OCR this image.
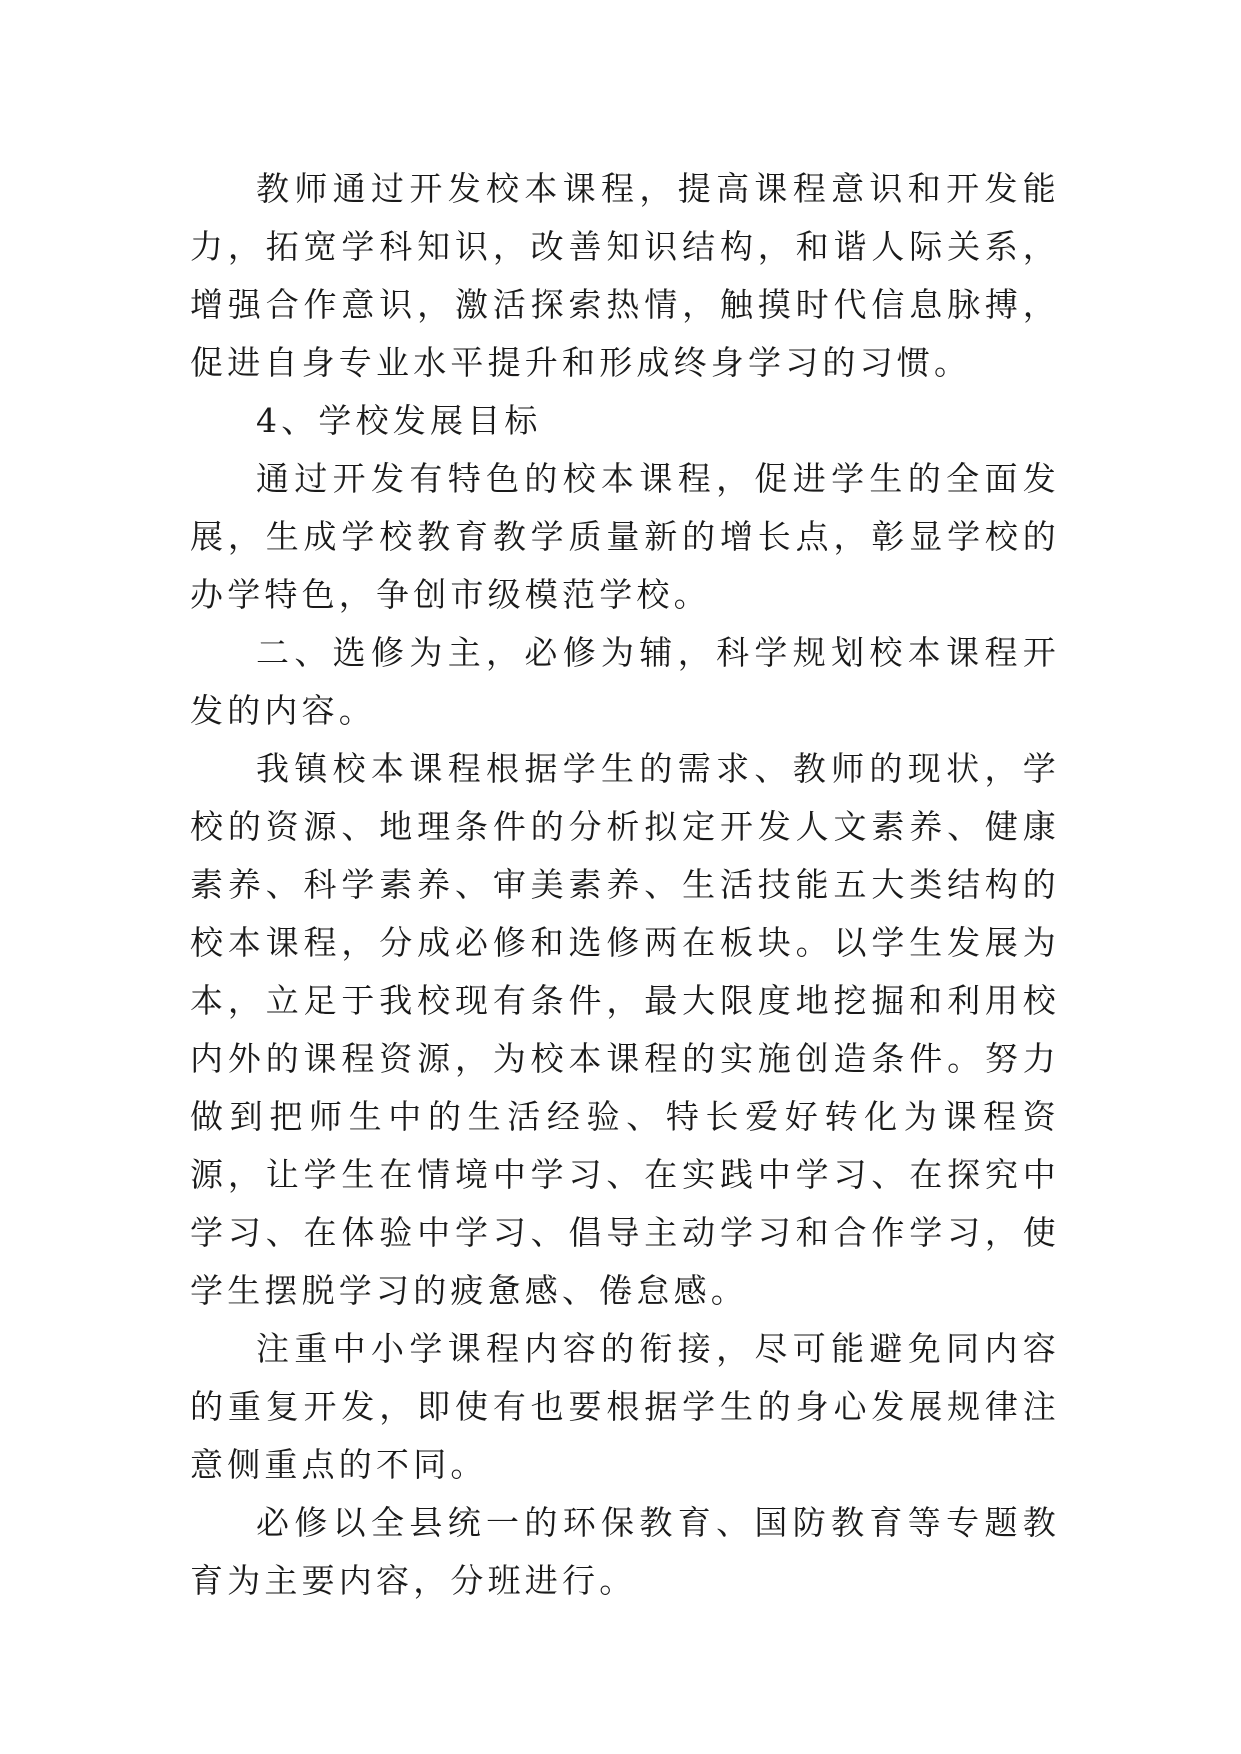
教师通过开发校本课程，提高课程意识和开发能力，拓宽学科知识，改善知识结构，和谐人际关系，增强合作意识，激活探索热情，触摸时代信息脉搏，促进自身专业水平提升和形成终身学习的习惯。

4、学校发展目标

通过开发有特色的校本课程，促进学生的全面发展，生成学校教育教学质量新的增长点，彰显学校的办学特色，争创市级模范学校。

二、选修为主，必修为辅，科学规划校本课程开发的内容。

我镇校本课程根据学生的需求、教师的现状，学校的资源、地理条件的分析拟定开发人文素养、健康素养、科学素养、审美素养、生活技能五大类结构的校本课程，分成必修和选修两在板块。以学生发展为本，立足于我校现有条件，最大限度地挖掘和利用校内外的课程资源，为校本课程的实施创造条件。努力做到把师生中的生活经验、特长爱好转化为课程资源，让学生在情境中学习、在实践中学习、在探究中学习、在体验中学习、倡导主动学习和合作学习，使学生摆脱学习的疲惫感、倦怠感。

注重中小学课程内容的衔接，尽可能避免同内容的重复开发，即使有也要根据学生的身心发展规律注意侧重点的不同。

必修以全县统一的环保教育、国防教育等专题教育为主要内容，分班进行。
